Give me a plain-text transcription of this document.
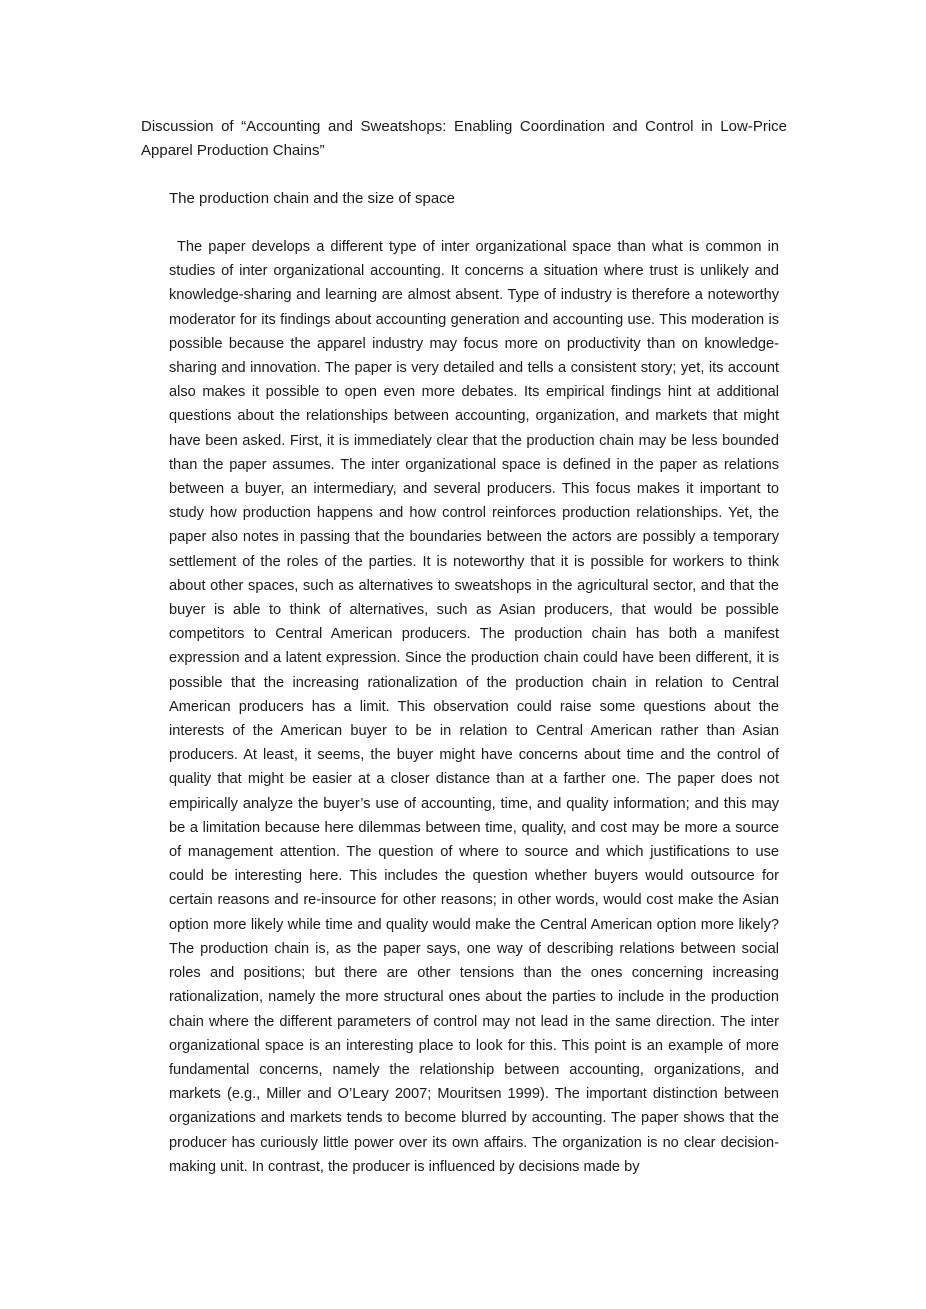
Discussion of “Accounting and Sweatshops: Enabling Coordination and Control in Low-Price Apparel Production Chains”
The production chain and the size of space

The paper develops a different type of inter organizational space than what is common in studies of inter organizational accounting. It concerns a situation where trust is unlikely and knowledge-sharing and learning are almost absent. Type of industry is therefore a noteworthy moderator for its findings about accounting generation and accounting use. This moderation is possible because the apparel industry may focus more on productivity than on knowledge-sharing and innovation. The paper is very detailed and tells a consistent story; yet, its account also makes it possible to open even more debates. Its empirical findings hint at additional questions about the relationships between accounting, organization, and markets that might have been asked. First, it is immediately clear that the production chain may be less bounded than the paper assumes. The inter organizational space is defined in the paper as relations between a buyer, an intermediary, and several producers. This focus makes it important to study how production happens and how control reinforces production relationships. Yet, the paper also notes in passing that the boundaries between the actors are possibly a temporary settlement of the roles of the parties. It is noteworthy that it is possible for workers to think about other spaces, such as alternatives to sweatshops in the agricultural sector, and that the buyer is able to think of alternatives, such as Asian producers, that would be possible competitors to Central American producers. The production chain has both a manifest expression and a latent expression. Since the production chain could have been different, it is possible that the increasing rationalization of the production chain in relation to Central American producers has a limit. This observation could raise some questions about the interests of the American buyer to be in relation to Central American rather than Asian producers. At least, it seems, the buyer might have concerns about time and the control of quality that might be easier at a closer distance than at a farther one. The paper does not empirically analyze the buyer’s use of accounting, time, and quality information; and this may be a limitation because here dilemmas between time, quality, and cost may be more a source of management attention. The question of where to source and which justifications to use could be interesting here. This includes the question whether buyers would outsource for certain reasons and re-insource for other reasons; in other words, would cost make the Asian option more likely while time and quality would make the Central American option more likely? The production chain is, as the paper says, one way of describing relations between social roles and positions; but there are other tensions than the ones concerning increasing rationalization, namely the more structural ones about the parties to include in the production chain where the different parameters of control may not lead in the same direction. The inter organizational space is an interesting place to look for this. This point is an example of more fundamental concerns, namely the relationship between accounting, organizations, and markets (e.g., Miller and O’Leary 2007; Mouritsen 1999). The important distinction between organizations and markets tends to become blurred by accounting. The paper shows that the producer has curiously little power over its own affairs. The organization is no clear decision-making unit. In contrast, the producer is influenced by decisions made by
